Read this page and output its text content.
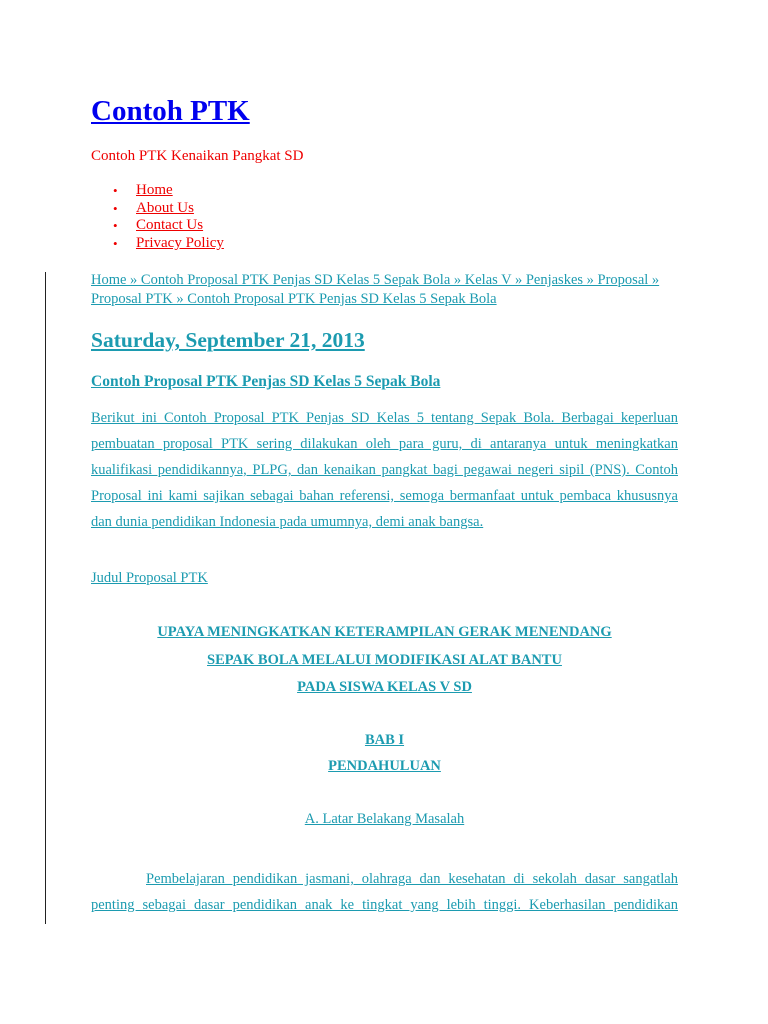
Contoh PTK
Contoh PTK Kenaikan Pangkat SD
• Home
• About Us
• Contact Us
• Privacy Policy
Home » Contoh Proposal PTK Penjas SD Kelas 5 Sepak Bola » Kelas V » Penjaskes » Proposal » Proposal PTK » Contoh Proposal PTK Penjas SD Kelas 5 Sepak Bola
Saturday, September 21, 2013
Contoh Proposal PTK Penjas SD Kelas 5 Sepak Bola
Berikut ini Contoh Proposal PTK Penjas SD Kelas 5 tentang Sepak Bola. Berbagai keperluan pembuatan proposal PTK sering dilakukan oleh para guru, di antaranya untuk meningkatkan kualifikasi pendidikannya, PLPG, dan kenaikan pangkat bagi pegawai negeri sipil (PNS). Contoh Proposal ini kami sajikan sebagai bahan referensi, semoga bermanfaat untuk pembaca khususnya dan dunia pendidikan Indonesia pada umumnya, demi anak bangsa.
Judul Proposal PTK
UPAYA MENINGKATKAN KETERAMPILAN GERAK MENENDANG
SEPAK BOLA MELALUI MODIFIKASI ALAT BANTU
PADA SISWA KELAS V SD
BAB I
PENDAHULUAN
A. Latar Belakang Masalah
Pembelajaran pendidikan jasmani, olahraga dan kesehatan di sekolah dasar sangatlah penting sebagai dasar pendidikan anak ke tingkat yang lebih tinggi. Keberhasilan pendidikan
